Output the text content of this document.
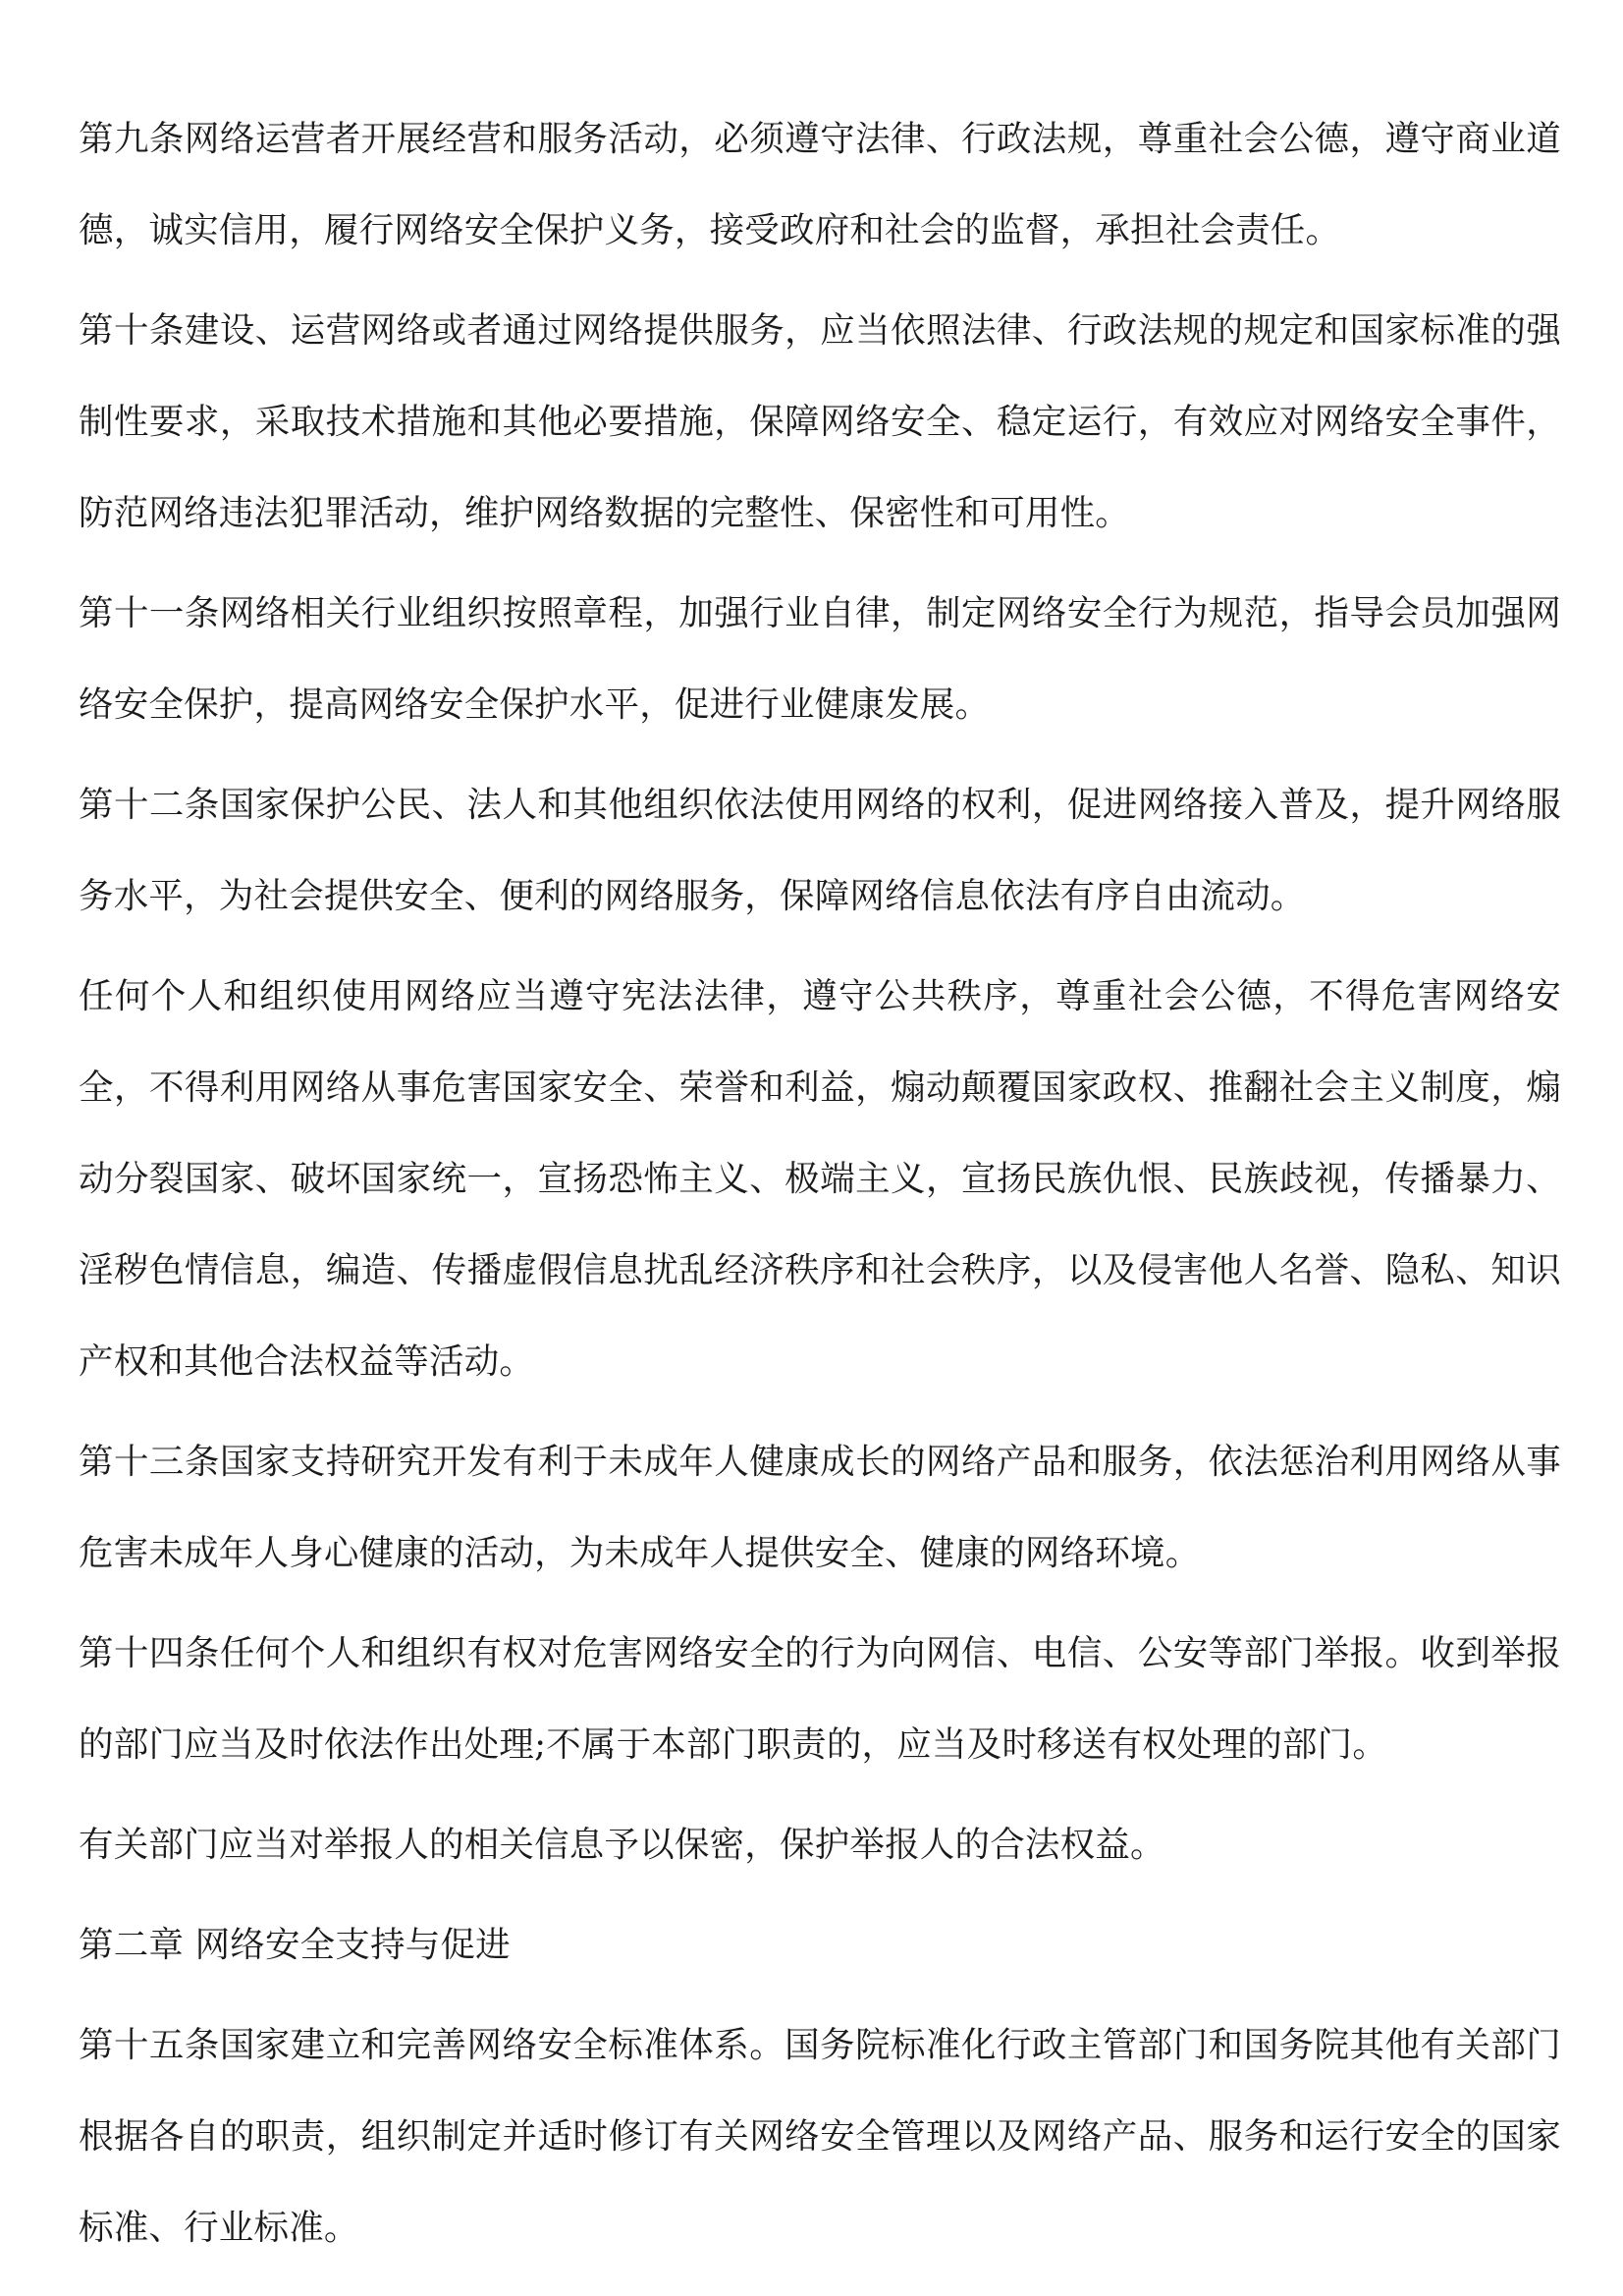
第九条网络运营者开展经营和服务活动，必须遵守法律、行政法规，尊重社会公德，遵守商业道德，诚实信用，履行网络安全保护义务，接受政府和社会的监督，承担社会责任。

第十条建设、运营网络或者通过网络提供服务，应当依照法律、行政法规的规定和国家标准的强制性要求，采取技术措施和其他必要措施，保障网络安全、稳定运行，有效应对网络安全事件，防范网络违法犯罪活动，维护网络数据的完整性、保密性和可用性。

第十一条网络相关行业组织按照章程，加强行业自律，制定网络安全行为规范，指导会员加强网络安全保护，提高网络安全保护水平，促进行业健康发展。

第十二条国家保护公民、法人和其他组织依法使用网络的权利，促进网络接入普及，提升网络服务水平，为社会提供安全、便利的网络服务，保障网络信息依法有序自由流动。

任何个人和组织使用网络应当遵守宪法法律，遵守公共秩序，尊重社会公德，不得危害网络安全，不得利用网络从事危害国家安全、荣誉和利益，煽动颠覆国家政权、推翻社会主义制度，煽动分裂国家、破坏国家统一，宣扬恐怖主义、极端主义，宣扬民族仇恨、民族歧视，传播暴力、淫秽色情信息，编造、传播虚假信息扰乱经济秩序和社会秩序，以及侵害他人名誉、隐私、知识产权和其他合法权益等活动。

第十三条国家支持研究开发有利于未成年人健康成长的网络产品和服务，依法惩治利用网络从事危害未成年人身心健康的活动，为未成年人提供安全、健康的网络环境。

第十四条任何个人和组织有权对危害网络安全的行为向网信、电信、公安等部门举报。收到举报的部门应当及时依法作出处理;不属于本部门职责的，应当及时移送有权处理的部门。

有关部门应当对举报人的相关信息予以保密，保护举报人的合法权益。

第二章 网络安全支持与促进

第十五条国家建立和完善网络安全标准体系。国务院标准化行政主管部门和国务院其他有关部门根据各自的职责，组织制定并适时修订有关网络安全管理以及网络产品、服务和运行安全的国家标准、行业标准。
